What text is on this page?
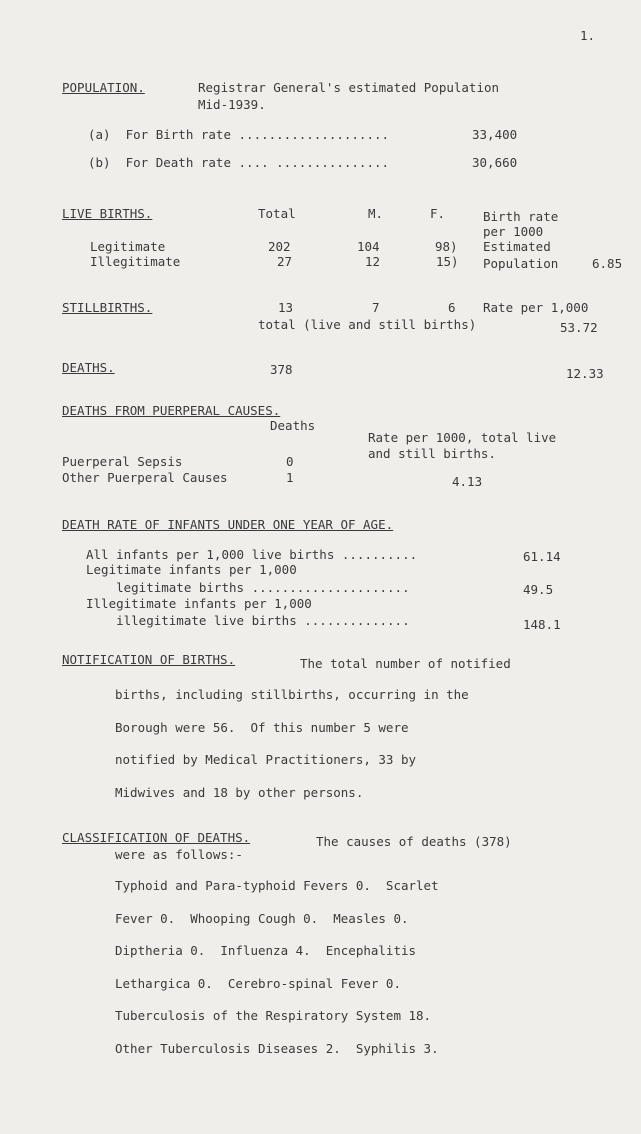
1.
POPULATION.	Registrar General's estimated Population
Mid-1939.
(a)  For Birth rate ....................	33,400
(b)  For Death rate .... ...............	30,660
LIVE BIRTHS.	Total	M.	F.	Birth rate
per 1000
Estimated
Population	6.85
Legitimate	202	104	98)
Illegitimate	27	12	15)
STILLBIRTHS.	13	7	6 Rate per 1,000
total (live and still births)	53.72
DEATHS.	378	12.33
DEATHS FROM PUERPERAL CAUSES.
Deaths
Rate per 1000, total live
and still births.
Puerperal Sepsis	0
Other Puerperal Causes	1	4.13
DEATH RATE OF INFANTS UNDER ONE YEAR OF AGE.
All infants per 1,000 live births ..........	61.14
Legitimate infants per 1,000
legitimate births .....................	49.5
Illegitimate infants per 1,000
illegitimate live births ..............	148.1
NOTIFICATION OF BIRTHS.	The total number of notified
births, including stillbirths, occurring in the
Borough were 56.  Of this number 5 were
notified by Medical Practitioners, 33 by
Midwives and 18 by other persons.
CLASSIFICATION OF DEATHS.	The causes of deaths (378)
were as follows:-
Typhoid and Para-typhoid Fevers 0.  Scarlet
Fever 0.  Whooping Cough 0.  Measles 0.
Diptheria 0.  Influenza 4.  Encephalitis
Lethargica 0.  Cerebro-spinal Fever 0.
Tuberculosis of the Respiratory System 18.
Other Tuberculosis Diseases 2.  Syphilis 3.
